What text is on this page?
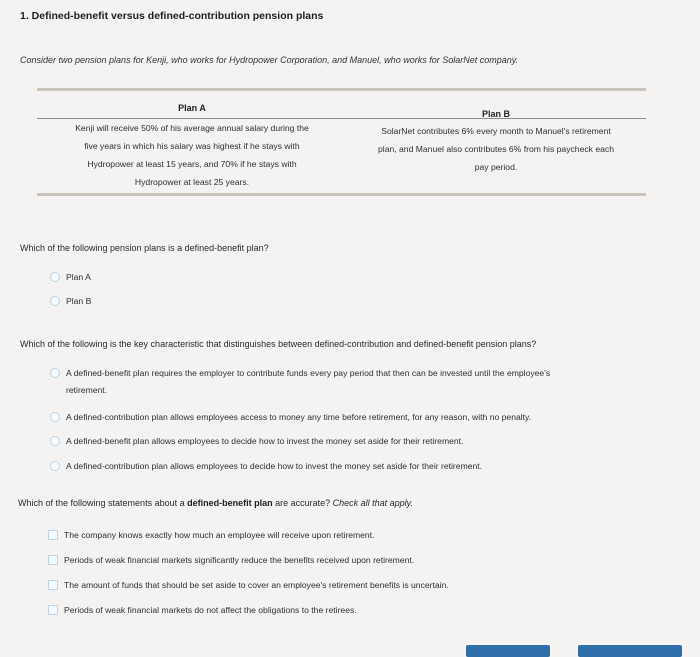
1. Defined-benefit versus defined-contribution pension plans
Consider two pension plans for Kenji, who works for Hydropower Corporation, and Manuel, who works for SolarNet company.
Plan A
Plan B
Kenji will receive 50% of his average annual salary during the
five years in which his salary was highest if he stays with
Hydropower at least 15 years, and 70% if he stays with
Hydropower at least 25 years.
SolarNet contributes 6% every month to Manuel's retirement
plan, and Manuel also contributes 6% from his paycheck each
pay period.
Which of the following pension plans is a defined-benefit plan?
Plan A
Plan B
Which of the following is the key characteristic that distinguishes between defined-contribution and defined-benefit pension plans?
A defined-benefit plan requires the employer to contribute funds every pay period that then can be invested until the employee's
retirement.
A defined-contribution plan allows employees access to money any time before retirement, for any reason, with no penalty.
A defined-benefit plan allows employees to decide how to invest the money set aside for their retirement.
A defined-contribution plan allows employees to decide how to invest the money set aside for their retirement.
Which of the following statements about a defined-benefit plan are accurate? Check all that apply.
The company knows exactly how much an employee will receive upon retirement.
Periods of weak financial markets significantly reduce the benefits received upon retirement.
The amount of funds that should be set aside to cover an employee's retirement benefits is uncertain.
Periods of weak financial markets do not affect the obligations to the retirees.
